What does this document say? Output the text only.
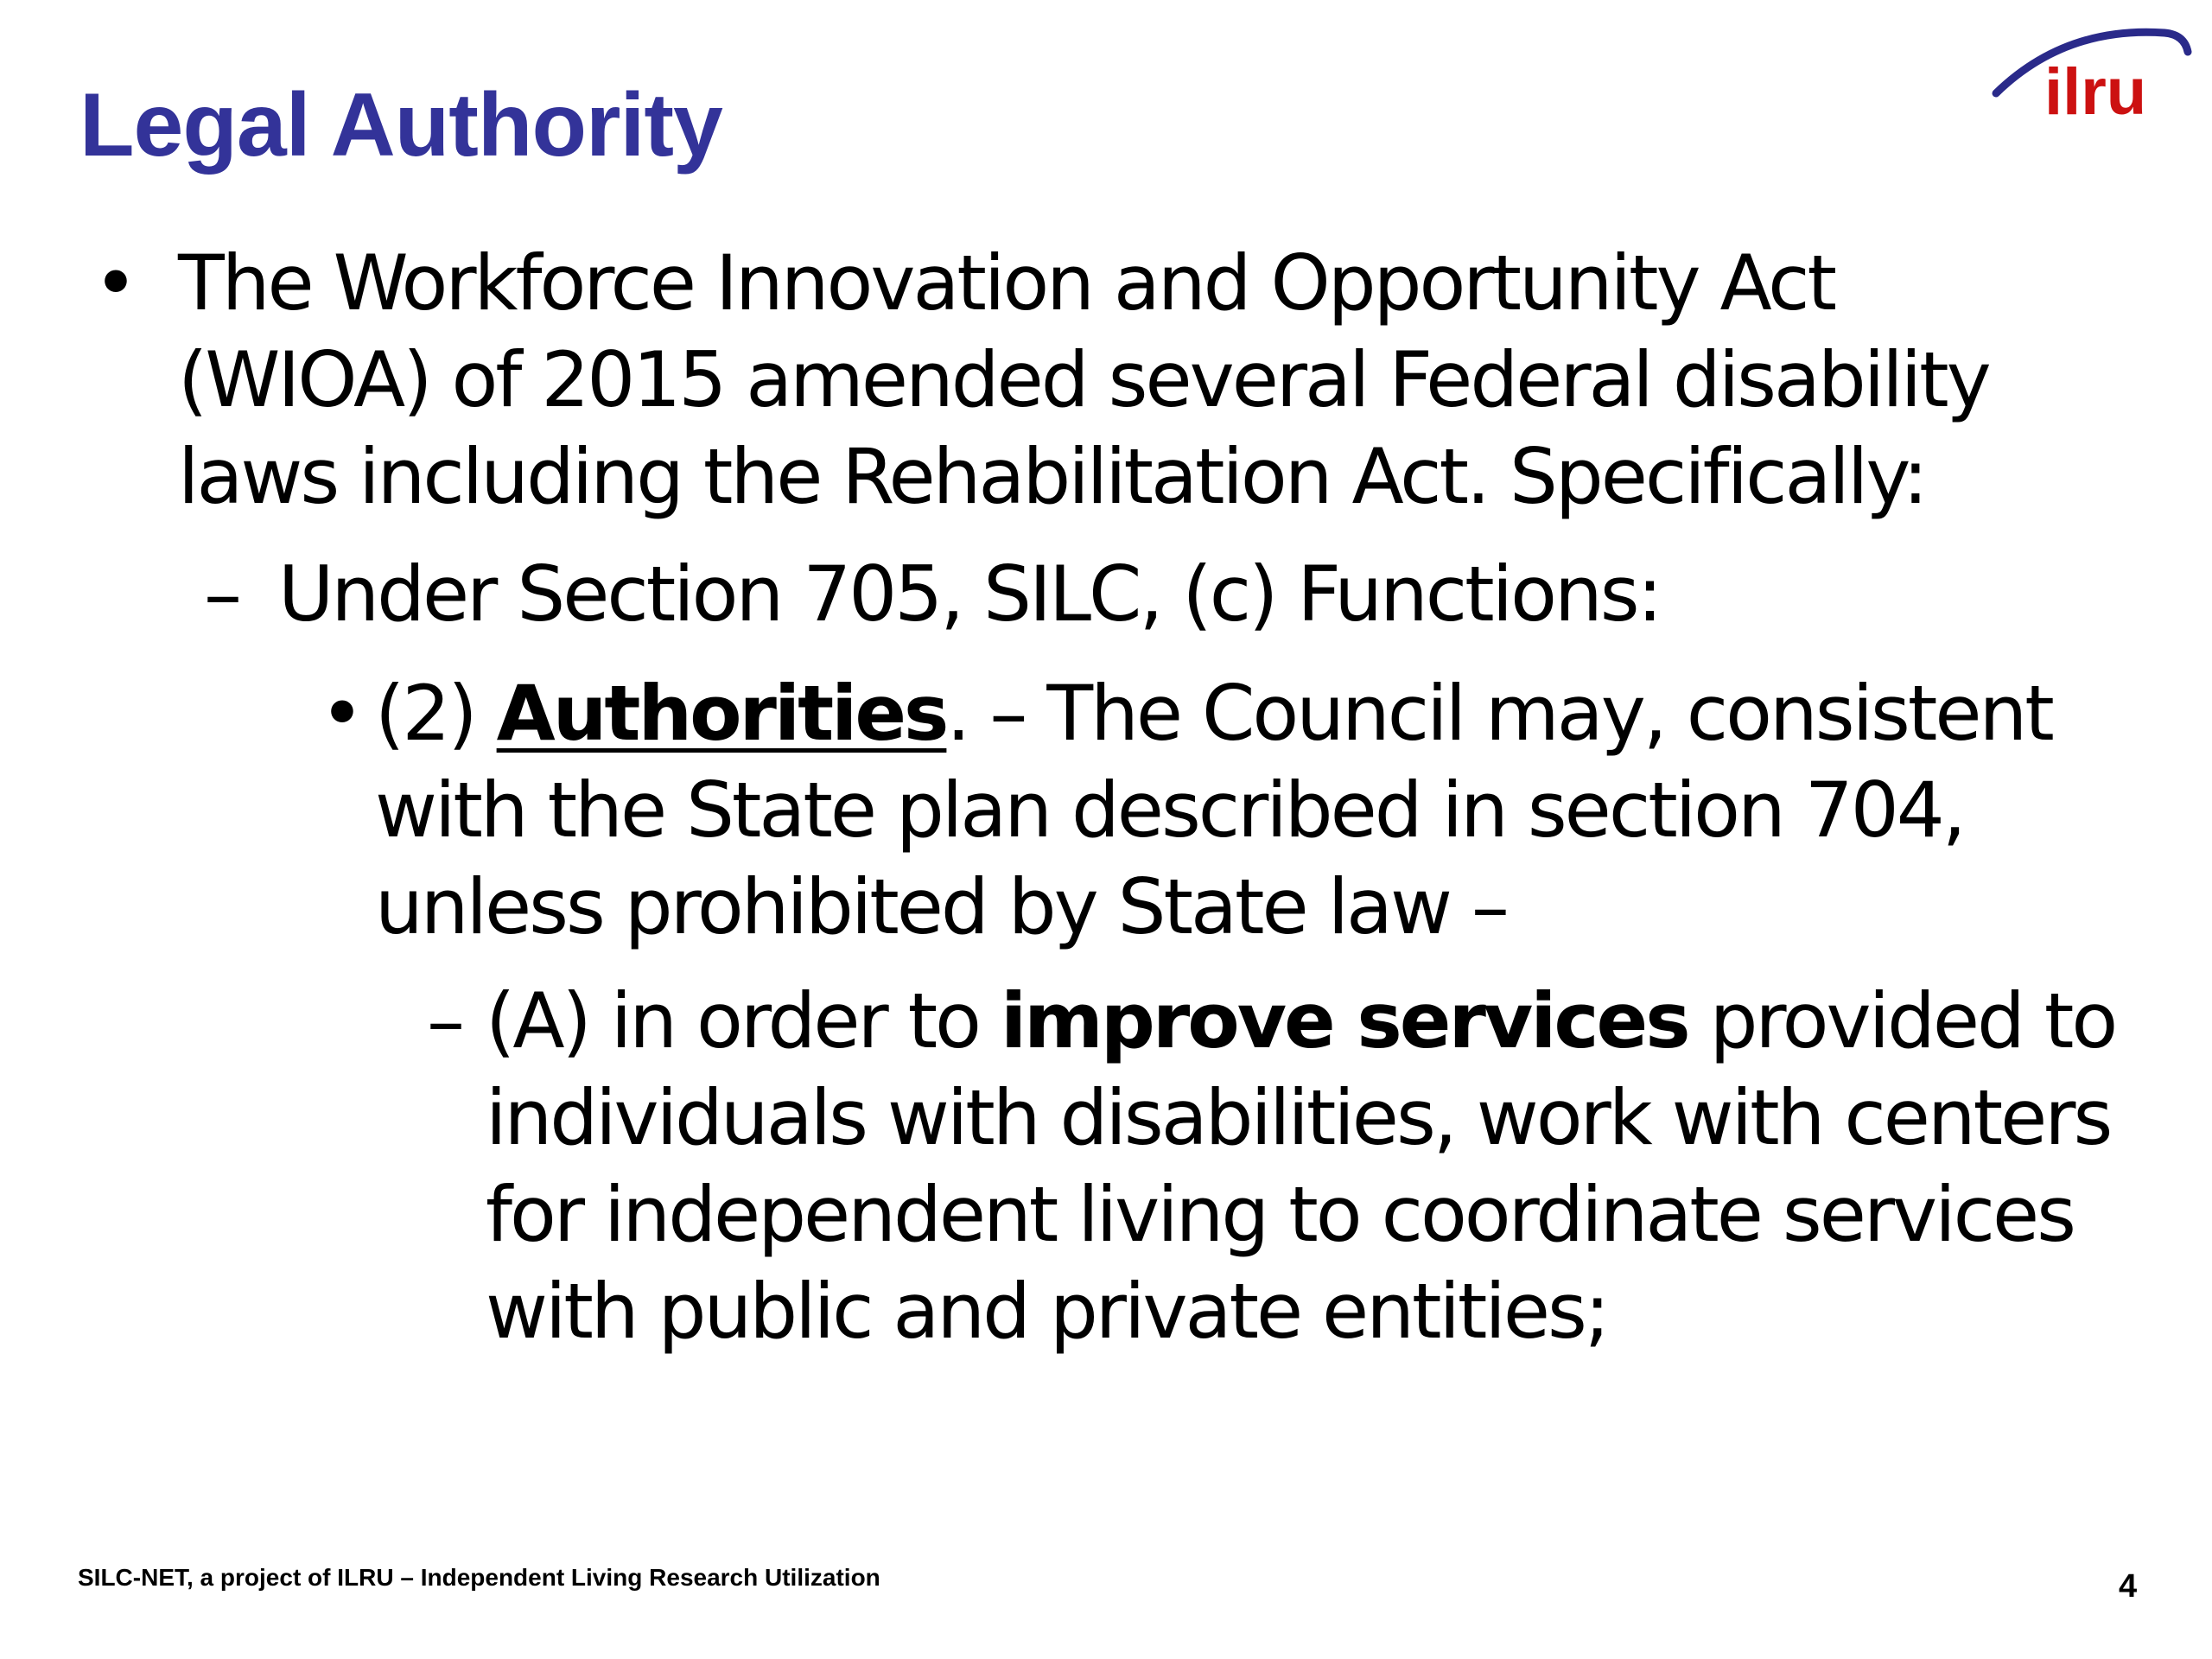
Legal Authority	ilru
• The Workforce Innovation and Opportunity Act
(WIOA) of 2015 amended several Federal disability
laws including the Rehabilitation Act. Specifically:
– Under Section 705, SILC, (c) Functions:
• (2) Authorities. – The Council may, consistent
with the State plan described in section 704,
unless prohibited by State law –
– (A) in order to improve services provided to
individuals with disabilities, work with centers
for independent living to coordinate services
with public and private entities;
SILC-NET, a project of ILRU – Independent Living Research Utilization	4
